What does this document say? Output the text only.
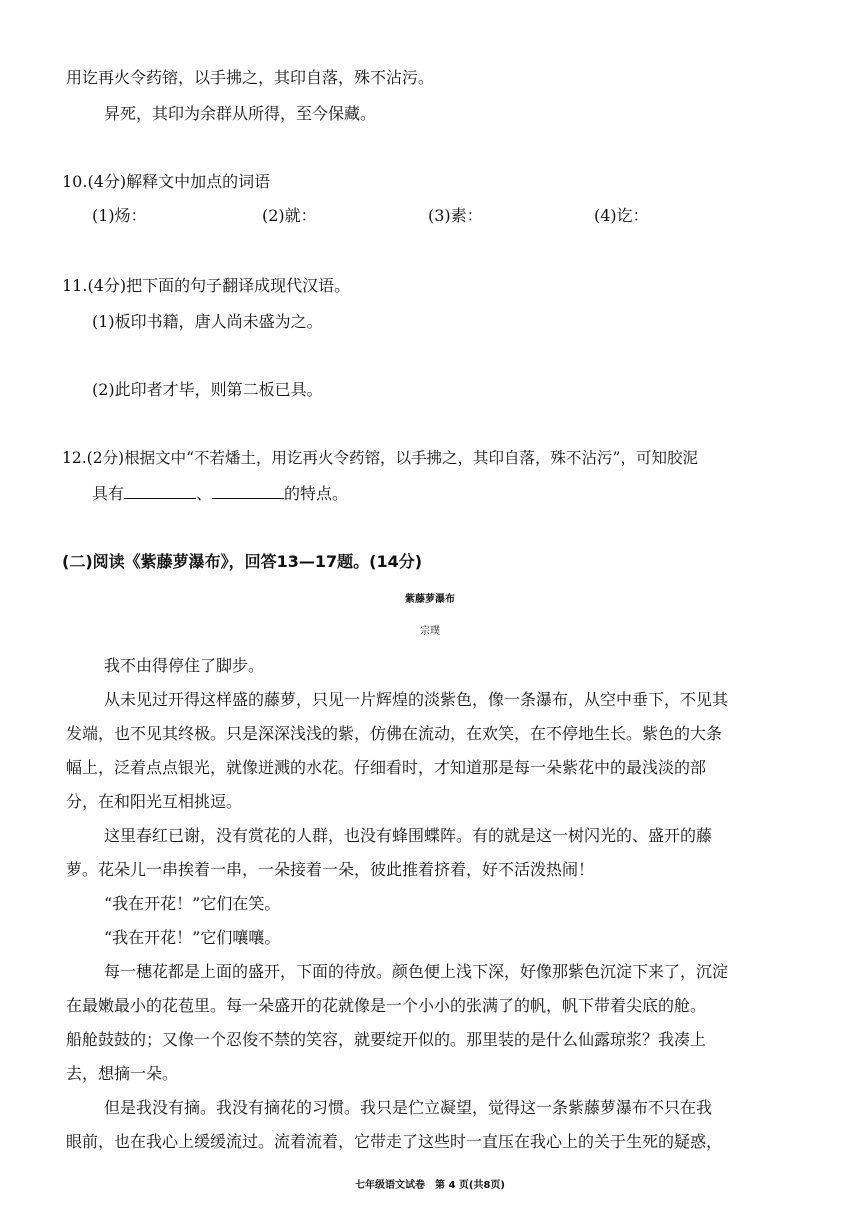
用讫再火令药镕，以手拂之，其印自落，殊不沾污。
昇死，其印为余群从所得，至今保藏。
10.(4分)解释文中加点的词语
(1)炀：	(2)就：	(3)素：	(4)讫：
11.(4分)把下面的句子翻译成现代汉语。
(1)板印书籍，唐人尚未盛为之。
(2)此印者才毕，则第二板已具。
12.(2分)根据文中“不若燔土，用讫再火令药镕，以手拂之，其印自落，殊不沾污”，可知胶泥
具有	、	的特点。
(二)阅读《紫藤萝瀑布》，回答13—17题。(14分)
紫藤萝瀑布
宗璞
我不由得停住了脚步。
从未见过开得这样盛的藤萝，只见一片辉煌的淡紫色，像一条瀑布，从空中垂下，不见其
发端，也不见其终极。只是深深浅浅的紫，仿佛在流动，在欢笑，在不停地生长。紫色的大条
幅上，泛着点点银光，就像迸溅的水花。仔细看时，才知道那是每一朵紫花中的最浅淡的部
分，在和阳光互相挑逗。
这里春红已谢，没有赏花的人群，也没有蜂围蝶阵。有的就是这一树闪光的、盛开的藤
萝。花朵儿一串挨着一串，一朵接着一朵，彼此推着挤着，好不活泼热闹！
“我在开花！”它们在笑。
“我在开花！”它们嚷嚷。
每一穗花都是上面的盛开，下面的待放。颜色便上浅下深，好像那紫色沉淀下来了，沉淀
在最嫩最小的花苞里。每一朵盛开的花就像是一个小小的张满了的帆，帆下带着尖底的舱。
船舱鼓鼓的；又像一个忍俊不禁的笑容，就要绽开似的。那里装的是什么仙露琼浆？我凑上
去，想摘一朵。
但是我没有摘。我没有摘花的习惯。我只是伫立凝望，觉得这一条紫藤萝瀑布不只在我
眼前，也在我心上缓缓流过。流着流着，它带走了这些时一直压在我心上的关于生死的疑惑，
七年级语文试卷　第 4 页(共8页)
